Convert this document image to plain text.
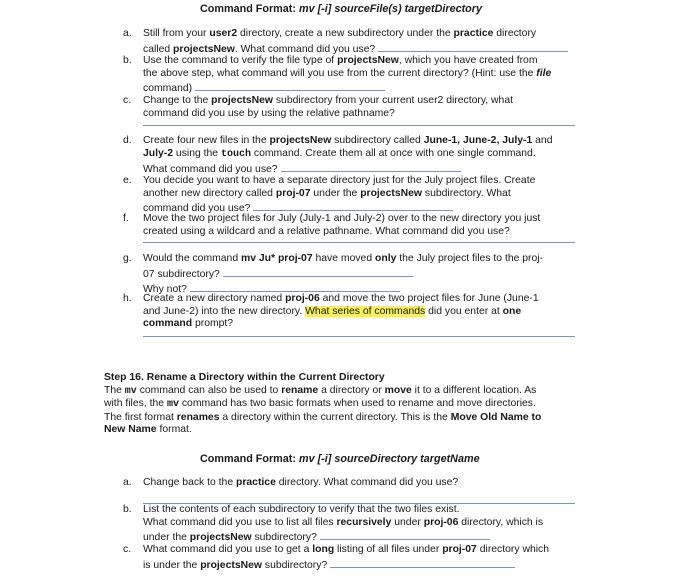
Command Format: mv [-i] sourceFile(s) targetDirectory
a.	Still from your user2 directory, create a new subdirectory under the practice directory
called projectsNew. What command did you use?
b.	Use the command to verify the file type of projectsNew, which you have created from
the above step, what command will you use from the current directory? (Hint: use the file
command)
c.	Change to the projectsNew subdirectory from your current user2 directory, what
command did you use by using the relative pathname?
d.	Create four new files in the projectsNew subdirectory called June-1, June-2, July-1 and
July-2 using the touch command. Create them all at once with one single command.
What command did you use?
e.	You decide you want to have a separate directory just for the July project files. Create
another new directory called proj-07 under the projectsNew subdirectory. What
command did you use?
f.	Move the two project files for July (July-1 and July-2) over to the new directory you just
created using a wildcard and a relative pathname. What command did you use?
g.	Would the command mv Ju* proj-07 have moved only the July project files to the proj-
07 subdirectory?
Why not?
h.	Create a new directory named proj-06 and move the two project files for June (June-1
and June-2) into the new directory. What series of commands did you enter at one
command prompt?
Step 16. Rename a Directory within the Current Directory
The mv command can also be used to rename a directory or move it to a different location. As
with files, the mv command has two basic formats when used to rename and move directories.
The first format renames a directory within the current directory. This is the Move Old Name to
New Name format.
Command Format: mv [-i] sourceDirectory targetName
a.	Change back to the practice directory. What command did you use?
b.	List the contents of each subdirectory to verify that the two files exist.
What command did you use to list all files recursively under proj-06 directory, which is
under the projectsNew subdirectory?
c.	What command did you use to get a long listing of all files under proj-07 directory which
is under the projectsNew subdirectory?
